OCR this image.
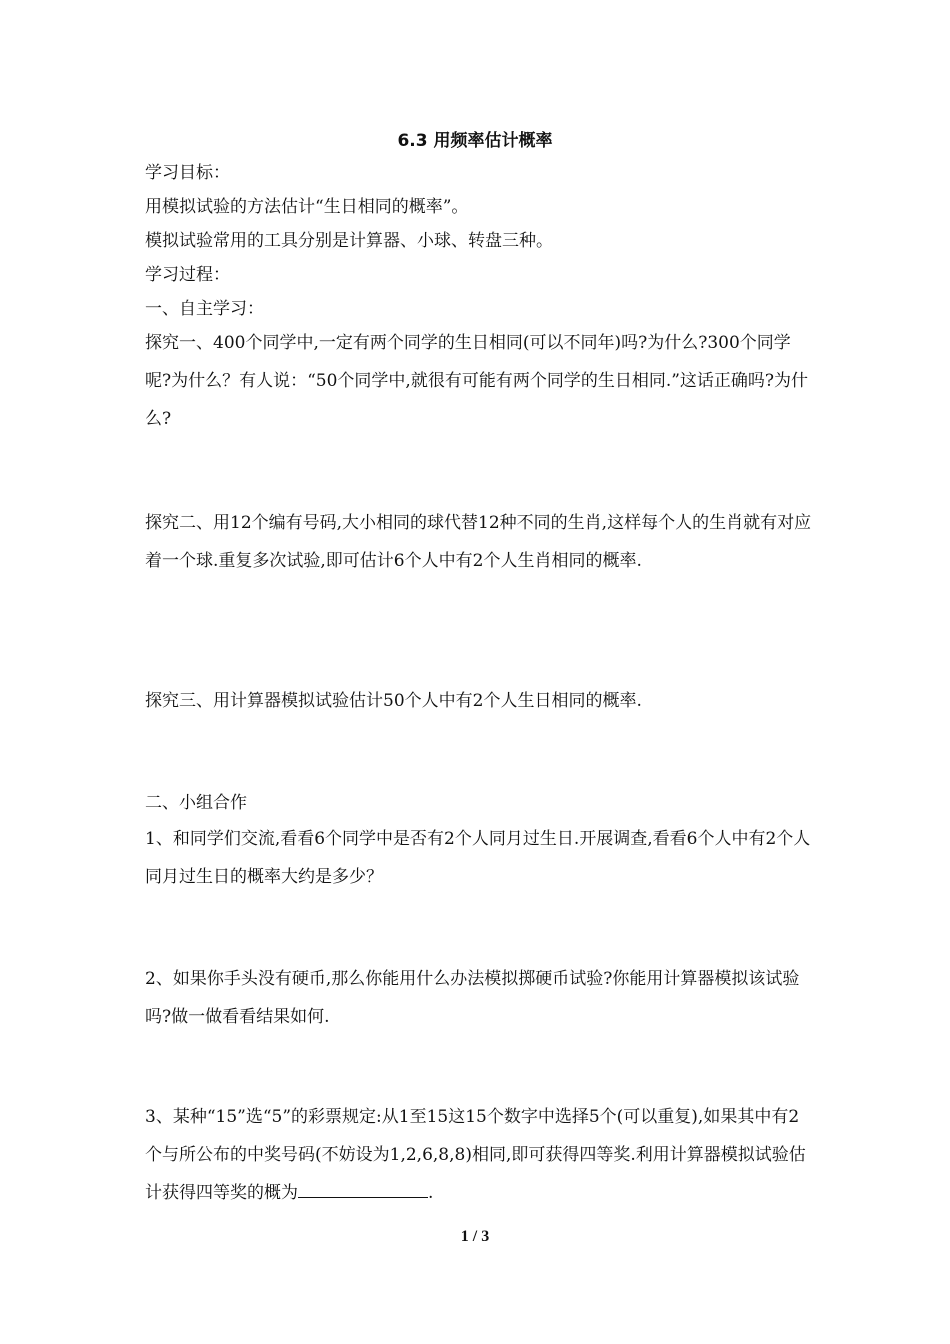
6.3 用频率估计概率
学习目标：
用模拟试验的方法估计“生日相同的概率”。
模拟试验常用的工具分别是计算器、小球、转盘三种。
学习过程：
一、自主学习：
探究一、400个同学中,一定有两个同学的生日相同(可以不同年)吗?为什么?300个同学呢?为什么？有人说：“50个同学中,就很有可能有两个同学的生日相同.”这话正确吗?为什么?
探究二、用12个编有号码,大小相同的球代替12种不同的生肖,这样每个人的生肖就有对应着一个球.重复多次试验,即可估计6个人中有2个人生肖相同的概率.
探究三、用计算器模拟试验估计50个人中有2个人生日相同的概率.
二、小组合作
1、和同学们交流,看看6个同学中是否有2个人同月过生日.开展调查,看看6个人中有2个人同月过生日的概率大约是多少？
2、如果你手头没有硬币,那么你能用什么办法模拟掷硬币试验?你能用计算器模拟该试验吗?做一做看看结果如何.
3、某种“15”选“5”的彩票规定:从1至15这15个数字中选择5个(可以重复),如果其中有2个与所公布的中奖号码(不妨设为1,2,6,8,8)相同,即可获得四等奖.利用计算器模拟试验估计获得四等奖的概为	.
1 / 3
